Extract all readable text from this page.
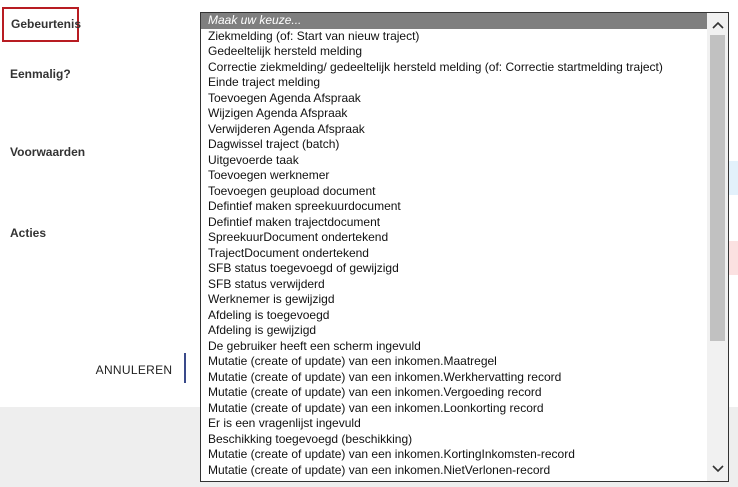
Gebeurtenis
Eenmalig?
Voorwaarden
Acties
ANNULEREN
Maak uw keuze...
Ziekmelding (of: Start van nieuw traject)
Gedeeltelijk hersteld melding
Correctie ziekmelding/ gedeeltelijk hersteld melding (of: Correctie startmelding traject)
Einde traject melding
Toevoegen Agenda Afspraak
Wijzigen Agenda Afspraak
Verwijderen Agenda Afspraak
Dagwissel traject (batch)
Uitgevoerde taak
Toevoegen werknemer
Toevoegen geupload document
Defintief maken spreekuurdocument
Defintief maken trajectdocument
SpreekuurDocument ondertekend
TrajectDocument ondertekend
SFB status toegevoegd of gewijzigd
SFB status verwijderd
Werknemer is gewijzigd
Afdeling is toegevoegd
Afdeling is gewijzigd
De gebruiker heeft een scherm ingevuld
Mutatie (create of update) van een inkomen.Maatregel
Mutatie (create of update) van een inkomen.Werkhervatting record
Mutatie (create of update) van een inkomen.Vergoeding record
Mutatie (create of update) van een inkomen.Loonkorting record
Er is een vragenlijst ingevuld
Beschikking toegevoegd (beschikking)
Mutatie (create of update) van een inkomen.KortingInkomsten-record
Mutatie (create of update) van een inkomen.NietVerlonen-record
